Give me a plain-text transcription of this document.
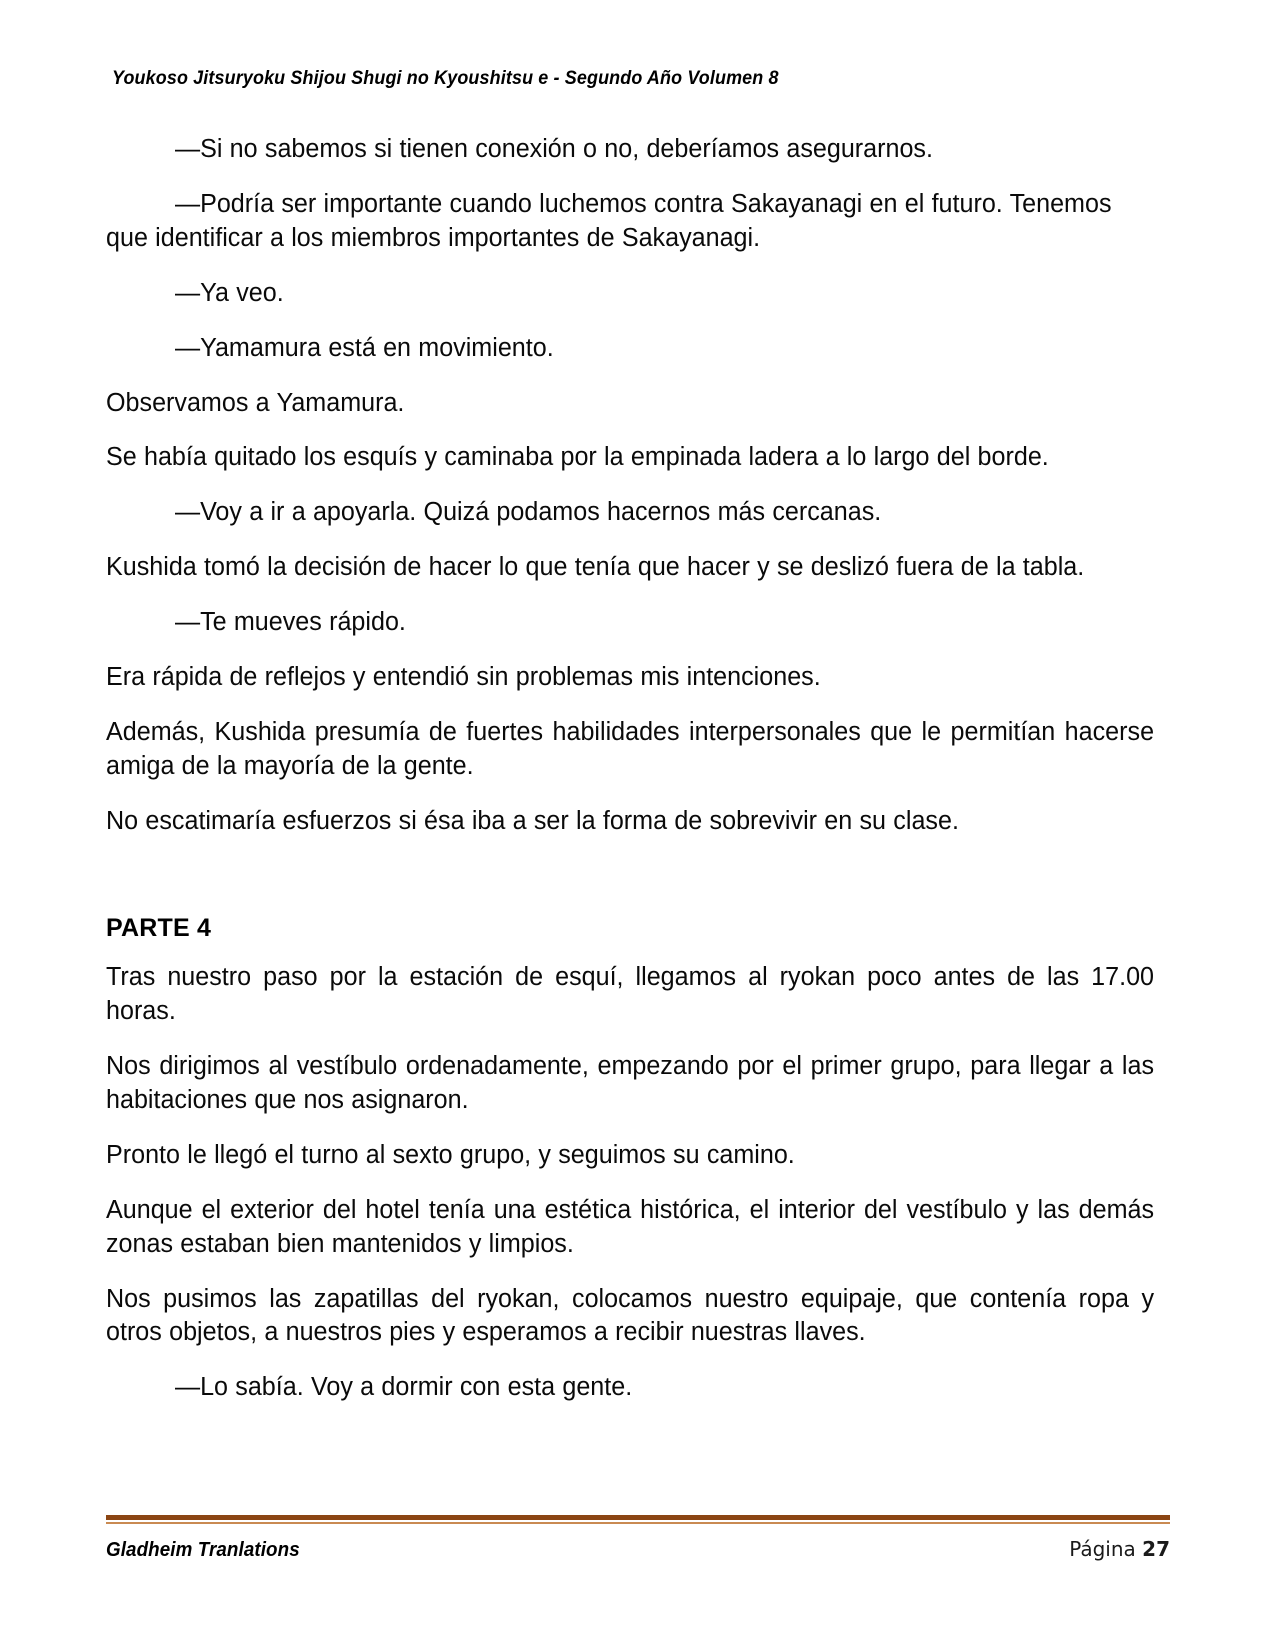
Youkoso Jitsuryoku Shijou Shugi no Kyoushitsu e - Segundo Año Volumen 8

—Si no sabemos si tienen conexión o no, deberíamos asegurarnos.

—Podría ser importante cuando luchemos contra Sakayanagi en el futuro. Tenemos que identificar a los miembros importantes de Sakayanagi.

—Ya veo.

—Yamamura está en movimiento.

Observamos a Yamamura.

Se había quitado los esquís y caminaba por la empinada ladera a lo largo del borde.

—Voy a ir a apoyarla. Quizá podamos hacernos más cercanas.

Kushida tomó la decisión de hacer lo que tenía que hacer y se deslizó fuera de la tabla.

—Te mueves rápido.

Era rápida de reflejos y entendió sin problemas mis intenciones.

Además, Kushida presumía de fuertes habilidades interpersonales que le permitían hacerse amiga de la mayoría de la gente.

No escatimaría esfuerzos si ésa iba a ser la forma de sobrevivir en su clase.

PARTE 4

Tras nuestro paso por la estación de esquí, llegamos al ryokan poco antes de las 17.00 horas.

Nos dirigimos al vestíbulo ordenadamente, empezando por el primer grupo, para llegar a las habitaciones que nos asignaron.

Pronto le llegó el turno al sexto grupo, y seguimos su camino.

Aunque el exterior del hotel tenía una estética histórica, el interior del vestíbulo y las demás zonas estaban bien mantenidos y limpios.

Nos pusimos las zapatillas del ryokan, colocamos nuestro equipaje, que contenía ropa y otros objetos, a nuestros pies y esperamos a recibir nuestras llaves.

—Lo sabía. Voy a dormir con esta gente.

Gladheim Tranlations	Página 27
